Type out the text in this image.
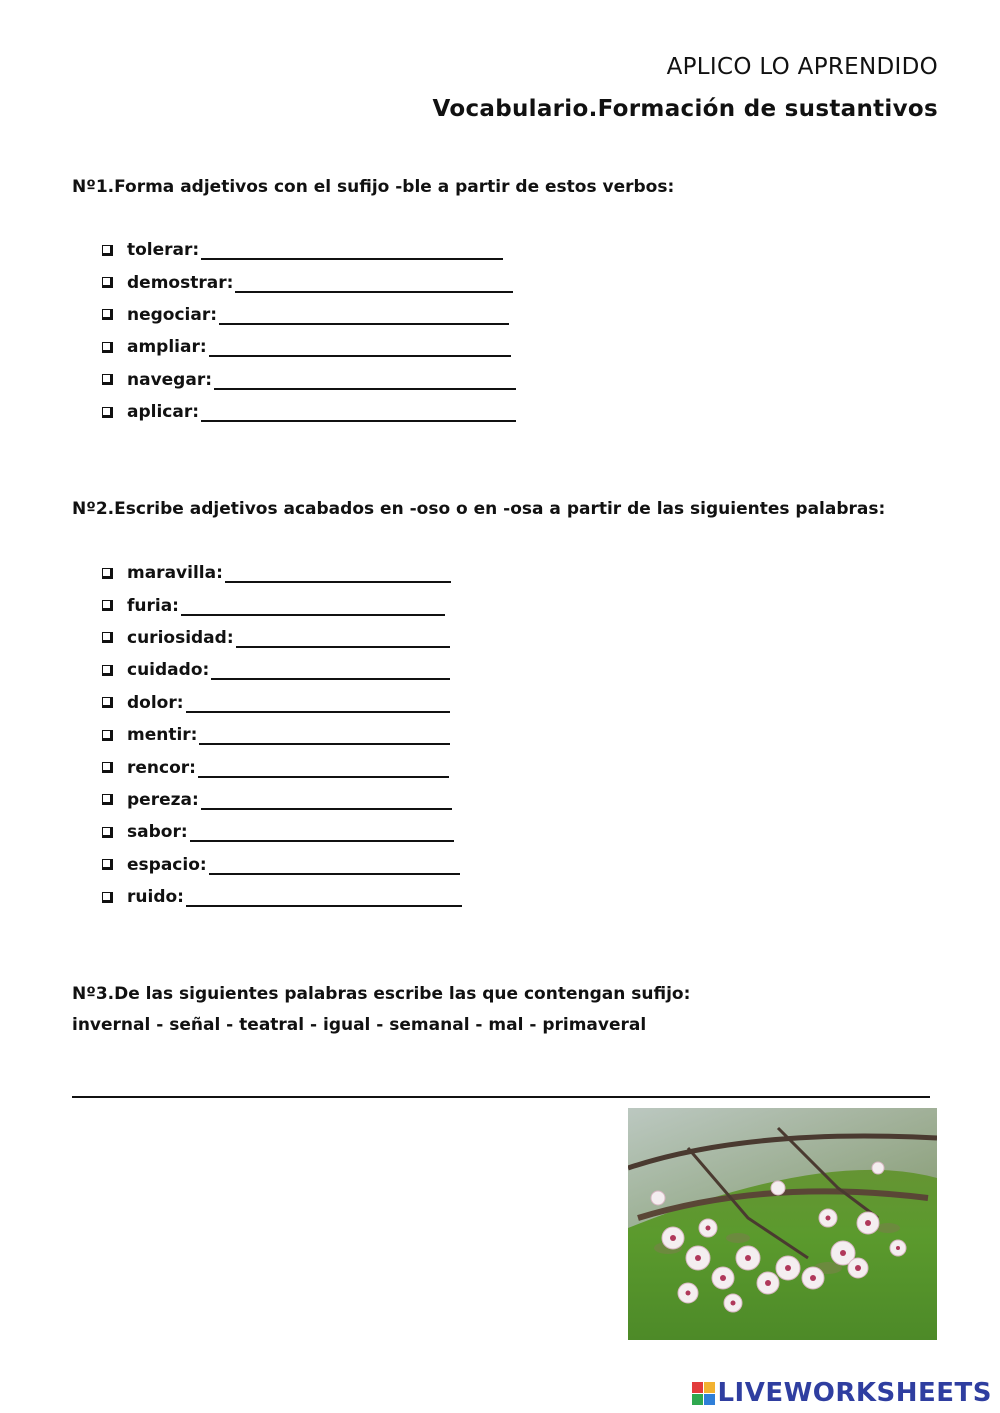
APLICO LO APRENDIDO
Vocabulario.Formación de sustantivos

Nº1.Forma adjetivos con el sufijo -ble a partir de estos verbos:

tolerar:
demostrar:
negociar:
ampliar:
navegar:
aplicar:

Nº2.Escribe adjetivos acabados en -oso o en -osa a partir de las siguientes palabras:

maravilla:
furia:
curiosidad:
cuidado:
dolor:
mentir:
rencor:
pereza:
sabor:
espacio:
ruido:

Nº3.De las siguientes palabras escribe las que contengan sufijo:

invernal - señal - teatral - igual - semanal - mal - primaveral

LIVEWORKSHEETS
